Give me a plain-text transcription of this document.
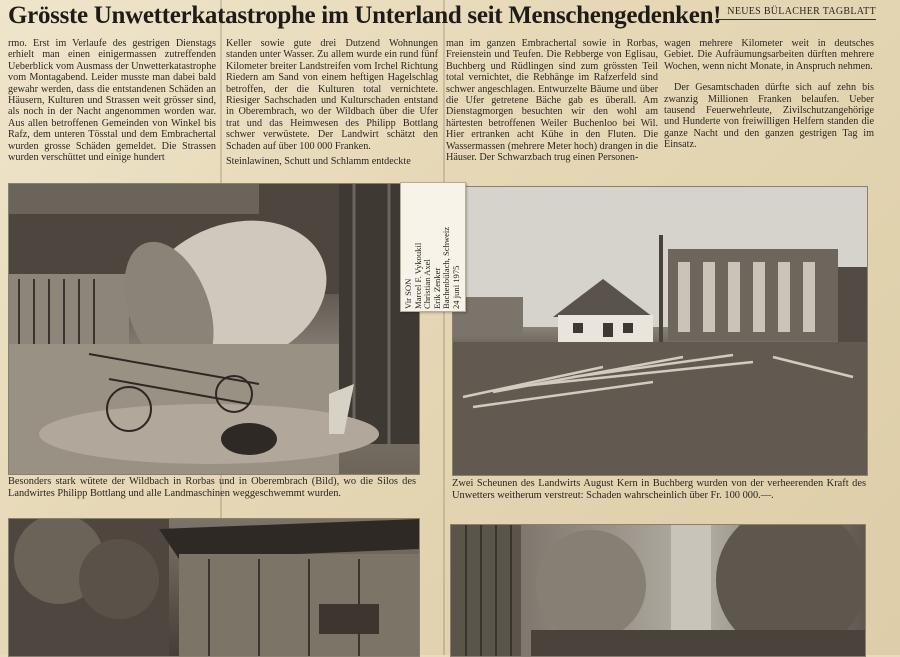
Grösste Unwetterkatastrophe im Unterland seit Menschengedenken! NEUES BÜLACHER TAGBLATT

rmo. Erst im Verlaufe des gestrigen Dienstags erhielt man einen einigermassen zutreffenden Ueberblick vom Ausmass der Unwetterkatastrophe vom Montagabend. Leider musste man dabei bald gewahr werden, dass die entstandenen Schäden an Häusern, Kulturen und Strassen weit grösser sind, als noch in der Nacht angenommen worden war. Aus allen betroffenen Gemeinden von Winkel bis Rafz, dem unteren Tösstal und dem Embrachertal wurden grosse Schäden gemeldet. Die Strassen wurden verschüttet und einige hundert

Keller sowie gute drei Dutzend Wohnungen standen unter Wasser. Zu allem wurde ein rund fünf Kilometer breiter Landstreifen vom Irchel Richtung Riedern am Sand von einem heftigen Hagelschlag betroffen, der die Kulturen total vernichtete. Riesiger Sachschaden und Kulturschaden entstand in Oberembrach, wo der Wildbach über die Ufer trat und das Heimwesen des Philipp Bottlang schwer verwüstete. Der Landwirt schätzt den Schaden auf über 100 000 Franken.

Steinlawinen, Schutt und Schlamm entdeckte

man im ganzen Embrachertal sowie in Rorbas, Freienstein und Teufen. Die Rebberge von Eglisau, Buchberg und Rüdlingen sind zum grössten Teil total vernichtet, die Rebhänge im Rafzerfeld sind schwer angeschlagen. Entwurzelte Bäume und über die Ufer getretene Bäche gab es überall. Am Dienstagmorgen besuchten wir den wohl am härtesten betroffenen Weiler Buchenloo bei Wil. Hier ertranken acht Kühe in den Fluten. Die Wassermassen (mehrere Meter hoch) drangen in die Häuser. Der Schwarzbach trug einen Personen-

wagen mehrere Kilometer weit in deutsches Gebiet. Die Aufräumungsarbeiten dürften mehrere Wochen, wenn nicht Monate, in Anspruch nehmen.

Der Gesamtschaden dürfte sich auf zehn bis zwanzig Millionen Franken belaufen. Ueber tausend Feuerwehrleute, Zivilschutzangehörige und Hunderte von freiwilligen Helfern standen die ganze Nacht und den ganzen gestrigen Tag im Einsatz.

Besonders stark wütete der Wildbach in Rorbas und in Oberembrach (Bild), wo die Silos des Landwirtes Philipp Bottlang und alle Landmaschinen weggeschwemmt wurden.
Zwei Scheunen des Landwirts August Kern in Buchberg wurden von der verheerenden Kraft des Unwetters weitherum verstreut: Schaden wahrscheinlich über Fr. 100 000.—.
Vir SON Marcel F. Vykoukil Christian Axel Erik Zenker Bachenbülach, Schweiz 24 juni 1975
